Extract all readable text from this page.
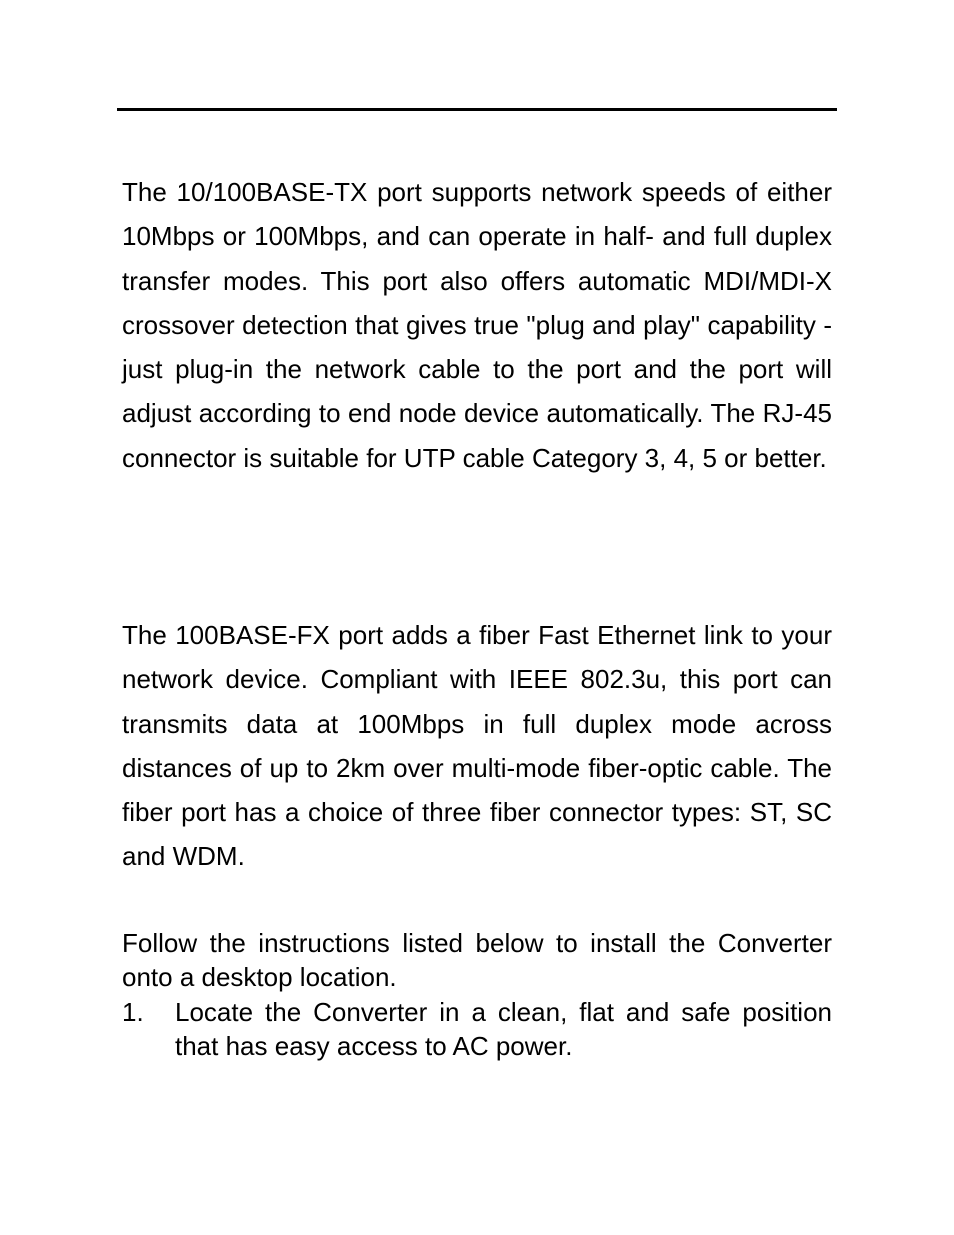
The 10/100BASE-TX port supports network speeds of either 10Mbps or 100Mbps, and can operate in half- and full duplex transfer modes. This port also offers automatic MDI/MDI-X crossover detection that gives true "plug and play" capability - just plug-in the network cable to the port and the port will adjust according to end node device automatically. The RJ-45 connector is suitable for UTP cable Category 3, 4, 5 or better.

The 100BASE-FX port adds a fiber Fast Ethernet link to your network device. Compliant with IEEE 802.3u, this port can transmits data at 100Mbps in full duplex mode across distances of up to 2km over multi-mode fiber-optic cable. The fiber port has a choice of three fiber connector types: ST, SC and WDM.

Follow the instructions listed below to install the Converter onto a desktop location.

1.	Locate the Converter in a clean, flat and safe position that has easy access to AC power.
